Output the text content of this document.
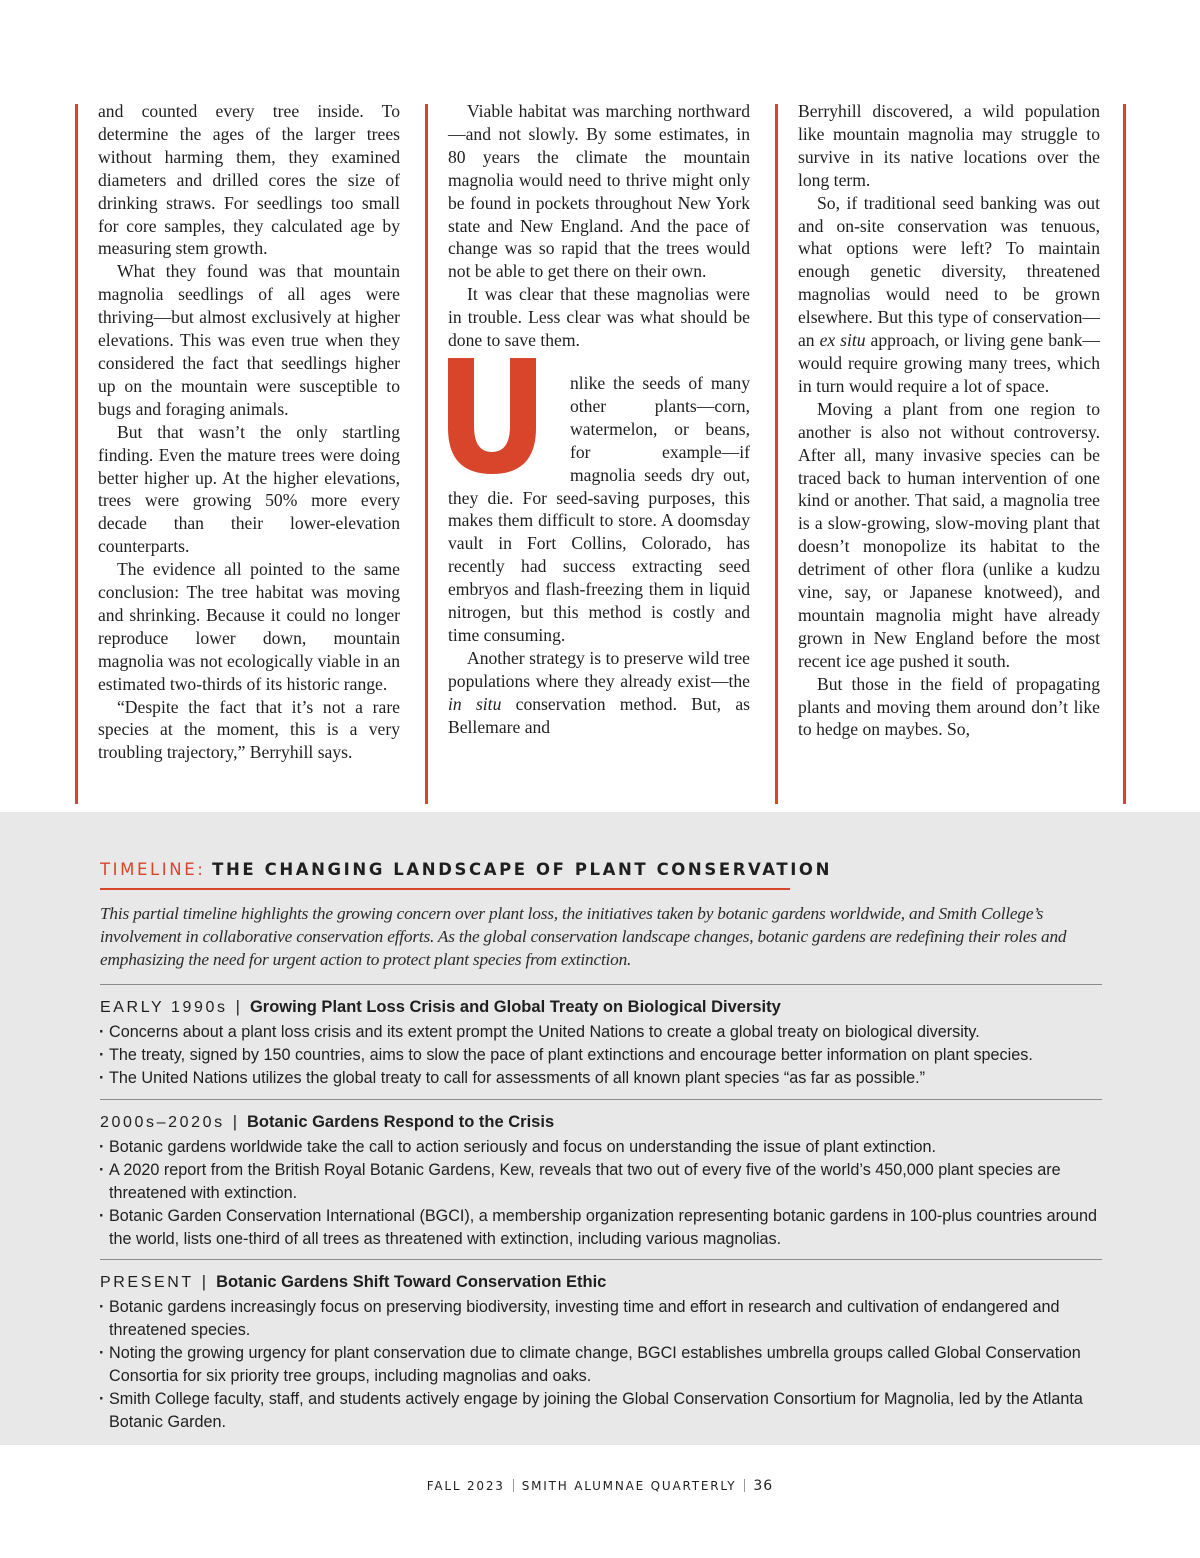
and counted every tree inside. To determine the ages of the larger trees without harming them, they examined diameters and drilled cores the size of drinking straws. For seedlings too small for core samples, they calculated age by measuring stem growth.

What they found was that mountain magnolia seedlings of all ages were thriving—but almost exclusively at higher elevations. This was even true when they considered the fact that seedlings higher up on the mountain were susceptible to bugs and foraging animals.

But that wasn’t the only startling finding. Even the mature trees were doing better higher up. At the higher elevations, trees were growing 50% more every decade than their lower-elevation counterparts.

The evidence all pointed to the same conclusion: The tree habitat was moving and shrinking. Because it could no longer reproduce lower down, mountain magnolia was not ecologically viable in an estimated two-thirds of its historic range.

“Despite the fact that it’s not a rare species at the moment, this is a very troubling trajectory,” Berryhill says.

Viable habitat was marching northward—and not slowly. By some estimates, in 80 years the climate the mountain magnolia would need to thrive might only be found in pockets throughout New York state and New England. And the pace of change was so rapid that the trees would not be able to get there on their own.

It was clear that these magnolias were in trouble. Less clear was what should be done to save them.

nlike the seeds of many other plants—corn, watermelon, or beans, for example—if magnolia seeds dry out, they die. For seed-saving purposes, this makes them difficult to store. A doomsday vault in Fort Collins, Colorado, has recently had success extracting seed embryos and flash-freezing them in liquid nitrogen, but this method is costly and time consuming.

Another strategy is to preserve wild tree populations where they already exist—the in situ conservation method. But, as Bellemare and

Berryhill discovered, a wild population like mountain magnolia may struggle to survive in its native locations over the long term.

So, if traditional seed banking was out and on-site conservation was tenuous, what options were left? To maintain enough genetic diversity, threatened magnolias would need to be grown elsewhere. But this type of conservation—an ex situ approach, or living gene bank—would require growing many trees, which in turn would require a lot of space.

Moving a plant from one region to another is also not without controversy. After all, many invasive species can be traced back to human intervention of one kind or another. That said, a magnolia tree is a slow-growing, slow-moving plant that doesn’t monopolize its habitat to the detriment of other flora (unlike a kudzu vine, say, or Japanese knotweed), and mountain magnolia might have already grown in New England before the most recent ice age pushed it south.

But those in the field of propagating plants and moving them around don’t like to hedge on maybes. So,

TIMELINE: THE CHANGING LANDSCAPE OF PLANT CONSERVATION
This partial timeline highlights the growing concern over plant loss, the initiatives taken by botanic gardens worldwide, and Smith College’s involvement in collaborative conservation efforts. As the global conservation landscape changes, botanic gardens are redefining their roles and emphasizing the need for urgent action to protect plant species from extinction.
EARLY 1990s | Growing Plant Loss Crisis and Global Treaty on Biological Diversity
· Concerns about a plant loss crisis and its extent prompt the United Nations to create a global treaty on biological diversity.
· The treaty, signed by 150 countries, aims to slow the pace of plant extinctions and encourage better information on plant species.
· The United Nations utilizes the global treaty to call for assessments of all known plant species “as far as possible.”
2000s–2020s | Botanic Gardens Respond to the Crisis
· Botanic gardens worldwide take the call to action seriously and focus on understanding the issue of plant extinction.
· A 2020 report from the British Royal Botanic Gardens, Kew, reveals that two out of every five of the world’s 450,000 plant species are threatened with extinction.
· Botanic Garden Conservation International (BGCI), a membership organization representing botanic gardens in 100-plus countries around the world, lists one-third of all trees as threatened with extinction, including various magnolias.
PRESENT | Botanic Gardens Shift Toward Conservation Ethic
· Botanic gardens increasingly focus on preserving biodiversity, investing time and effort in research and cultivation of endangered and threatened species.
· Noting the growing urgency for plant conservation due to climate change, BGCI establishes umbrella groups called Global Conservation Consortia for six priority tree groups, including magnolias and oaks.
· Smith College faculty, staff, and students actively engage by joining the Global Conservation Consortium for Magnolia, led by the Atlanta Botanic Garden.
FALL 2023 SMITH ALUMNAE QUARTERLY 36
